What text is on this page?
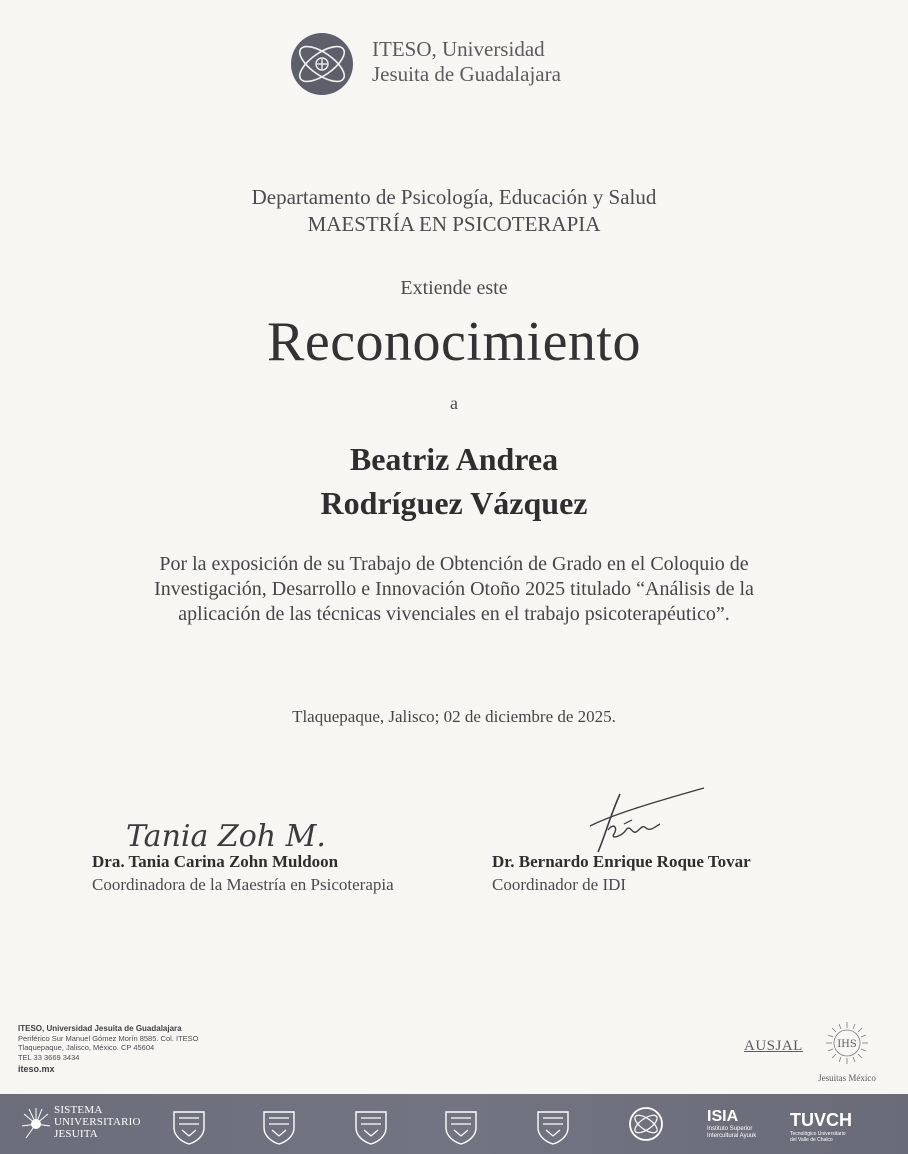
ITESO, Universidad
Jesuita de Guadalajara
Departamento de Psicología, Educación y Salud
MAESTRÍA EN PSICOTERAPIA
Extiende este
Reconocimiento
a
Beatriz Andrea
Rodríguez Vázquez
Por la exposición de su Trabajo de Obtención de Grado en el Coloquio de Investigación, Desarrollo e Innovación Otoño 2025 titulado “Análisis de la aplicación de las técnicas vivenciales en el trabajo psicoterapéutico”.
Tlaquepaque, Jalisco; 02 de diciembre de 2025.
Tania Zoh M.
Dra. Tania Carina Zohn Muldoon
Coordinadora de la Maestría en Psicoterapia
Dr. Bernardo Enrique Roque Tovar
Coordinador de IDI
ITESO, Universidad Jesuita de Guadalajara
Periférico Sur Manuel Gómez Morín 8585. Col. ITESO
Tlaquepaque, Jalisco, México. CP 45604
TEL 33 3669 3434
iteso.mx
AUSJAL	IHS
Jesuitas México
SISTEMA
UNIVERSITARIO
JESUITA
ISIA
Instituto Superior
Intercultural Ayuuk
TUVCH
Tecnológico Universitario
del Valle de Chalco
